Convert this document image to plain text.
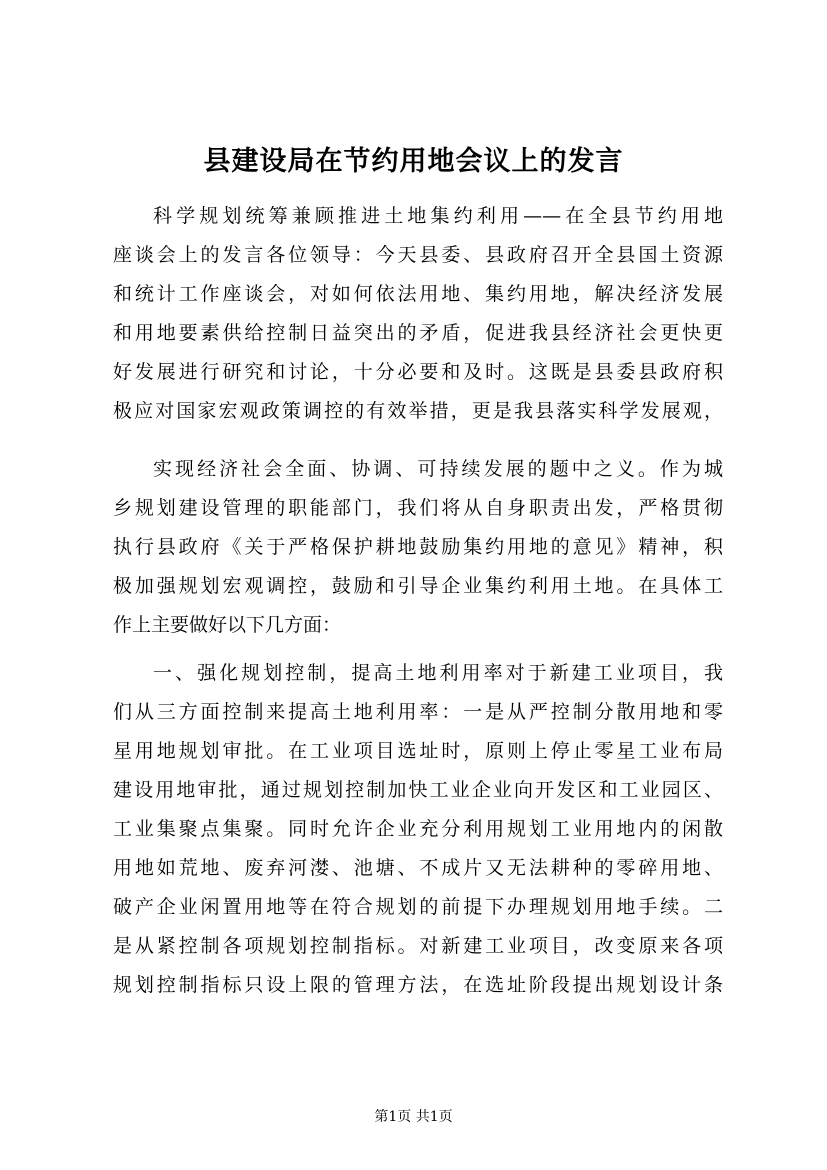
县建设局在节约用地会议上的发言
科学规划统筹兼顾推进土地集约利用——在全县节约用地
座谈会上的发言各位领导：今天县委、县政府召开全县国土资源
和统计工作座谈会，对如何依法用地、集约用地，解决经济发展
和用地要素供给控制日益突出的矛盾，促进我县经济社会更快更
好发展进行研究和讨论，十分必要和及时。这既是县委县政府积
极应对国家宏观政策调控的有效举措，更是我县落实科学发展观，
实现经济社会全面、协调、可持续发展的题中之义。作为城
乡规划建设管理的职能部门，我们将从自身职责出发，严格贯彻
执行县政府《关于严格保护耕地鼓励集约用地的意见》精神，积
极加强规划宏观调控，鼓励和引导企业集约利用土地。在具体工
作上主要做好以下几方面：
一、强化规划控制，提高土地利用率对于新建工业项目，我
们从三方面控制来提高土地利用率：一是从严控制分散用地和零
星用地规划审批。在工业项目选址时，原则上停止零星工业布局
建设用地审批，通过规划控制加快工业企业向开发区和工业园区、
工业集聚点集聚。同时允许企业充分利用规划工业用地内的闲散
用地如荒地、废弃河漤、池塘、不成片又无法耕种的零碎用地、
破产企业闲置用地等在符合规划的前提下办理规划用地手续。二
是从紧控制各项规划控制指标。对新建工业项目，改变原来各项
规划控制指标只设上限的管理方法，在选址阶段提出规划设计条
第1页 共1页
